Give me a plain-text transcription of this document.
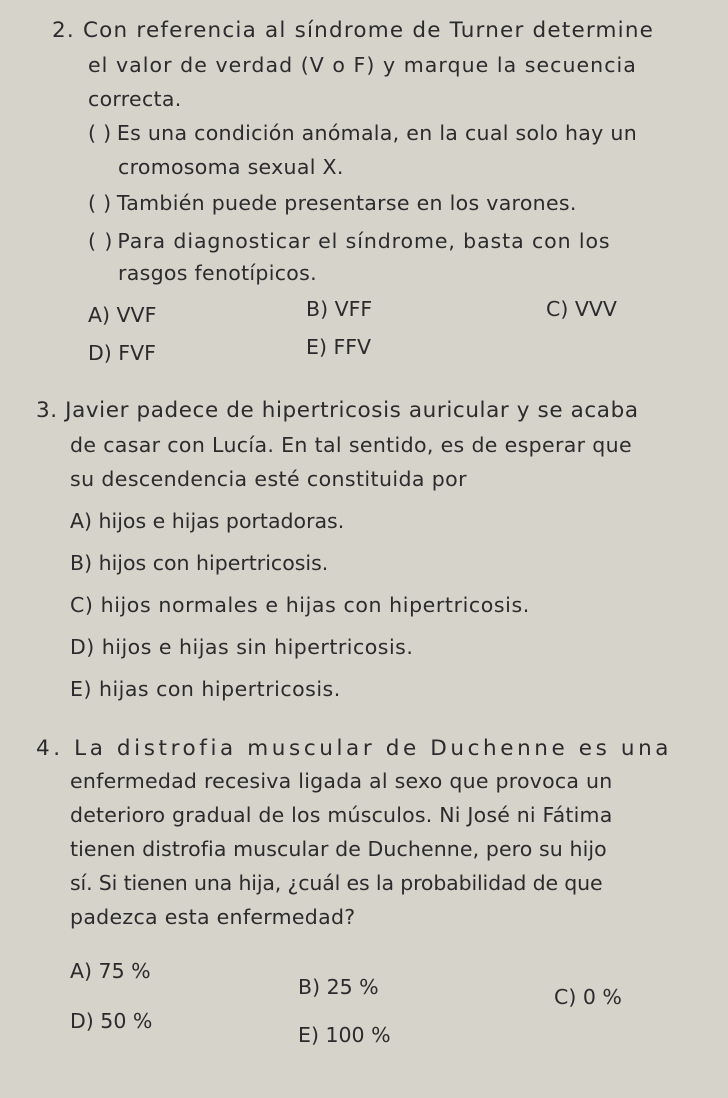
2. Con referencia al síndrome de Turner determine
el valor de verdad (V o F) y marque la secuencia
correcta.
( ) Es una condición anómala, en la cual solo hay un
cromosoma sexual X.
( ) También puede presentarse en los varones.
( ) Para diagnosticar el síndrome, basta con los
rasgos fenotípicos.
A) VVF	B) VFF	C) VVV
D) FVF	E) FFV
3. Javier padece de hipertricosis auricular y se acaba
de casar con Lucía. En tal sentido, es de esperar que
su descendencia esté constituida por
A) hijos e hijas portadoras.
B) hijos con hipertricosis.
C) hijos normales e hijas con hipertricosis.
D) hijos e hijas sin hipertricosis.
E) hijas con hipertricosis.
4. La distrofia muscular de Duchenne es una
enfermedad recesiva ligada al sexo que provoca un
deterioro gradual de los músculos. Ni José ni Fátima
tienen distrofia muscular de Duchenne, pero su hijo
sí. Si tienen una hija, ¿cuál es la probabilidad de que
padezca esta enfermedad?
A) 75 %
B) 25 %	C) 0 %
D) 50 %
E) 100 %
